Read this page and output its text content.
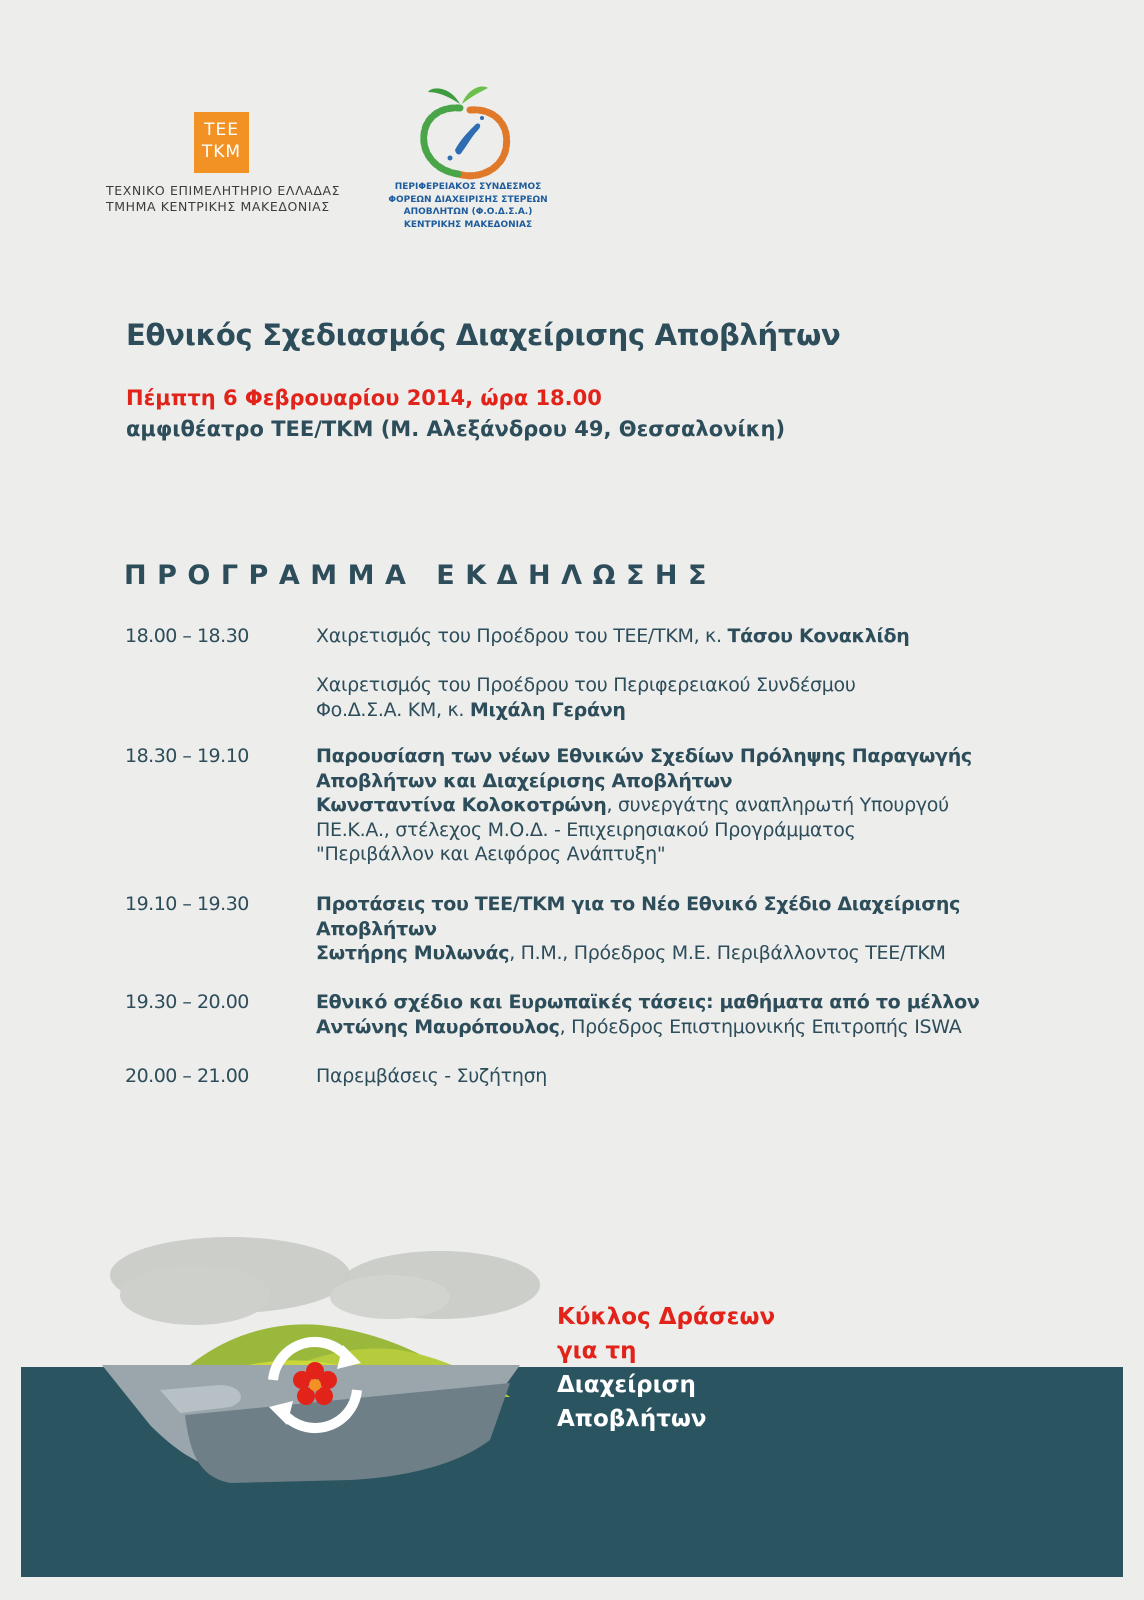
TEE
TKM
ΤΕΧΝΙΚΟ ΕΠΙΜΕΛΗΤΗΡΙΟ ΕΛΛΑΔΑΣ
ΤΜΗΜΑ ΚΕΝΤΡΙΚΗΣ ΜΑΚΕΔΟΝΙΑΣ
ΠΕΡΙΦΕΡΕΙΑΚΟΣ ΣΥΝΔΕΣΜΟΣ
ΦΟΡΕΩΝ ΔΙΑΧΕΙΡΙΣΗΣ ΣΤΕΡΕΩΝ
ΑΠΟΒΛΗΤΩΝ (Φ.Ο.Δ.Σ.Α.)
ΚΕΝΤΡΙΚΗΣ ΜΑΚΕΔΟΝΙΑΣ
Εθνικός Σχεδιασμός Διαχείρισης Αποβλήτων
Πέμπτη 6 Φεβρουαρίου 2014, ώρα 18.00
αμφιθέατρο ΤΕΕ/ΤΚΜ (Μ. Αλεξάνδρου 49, Θεσσαλονίκη)
ΠΡΟΓΡΑΜΜΑ ΕΚΔΗΛΩΣΗΣ
18.00 – 18.30	Χαιρετισμός του Προέδρου του ΤΕΕ/ΤΚΜ, κ. Τάσου Κονακλίδη
Χαιρετισμός του Προέδρου του Περιφερειακού Συνδέσμου
Φο.Δ.Σ.Α. ΚΜ, κ. Μιχάλη Γεράνη
18.30 – 19.10	Παρουσίαση των νέων Εθνικών Σχεδίων Πρόληψης Παραγωγής
Αποβλήτων και Διαχείρισης Αποβλήτων
Κωνσταντίνα Κολοκοτρώνη, συνεργάτης αναπληρωτή Υπουργού
ΠΕ.Κ.Α., στέλεχος Μ.Ο.Δ. - Επιχειρησιακού Προγράμματος
"Περιβάλλον και Αειφόρος Ανάπτυξη"
19.10 – 19.30	Προτάσεις του ΤΕΕ/ΤΚΜ για το Νέο Εθνικό Σχέδιο Διαχείρισης
Αποβλήτων
Σωτήρης Μυλωνάς, Π.Μ., Πρόεδρος Μ.Ε. Περιβάλλοντος ΤΕΕ/ΤΚΜ
19.30 – 20.00	Εθνικό σχέδιο και Ευρωπαϊκές τάσεις: μαθήματα από το μέλλον
Αντώνης Μαυρόπουλος, Πρόεδρος Επιστημονικής Επιτροπής ISWA
20.00 – 21.00	Παρεμβάσεις - Συζήτηση
Κύκλος Δράσεων
για τη
Διαχείριση
Αποβλήτων
